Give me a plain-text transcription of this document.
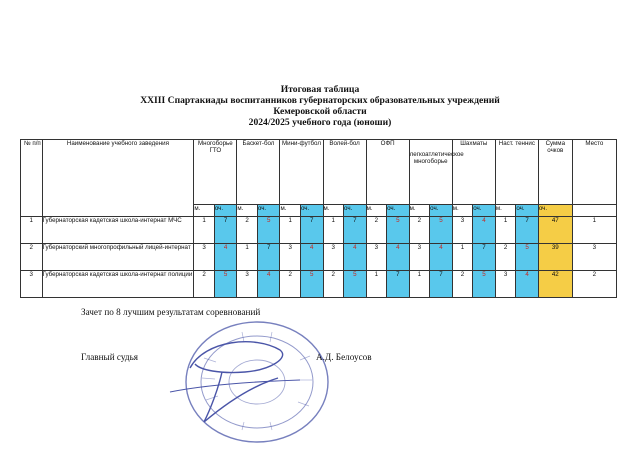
Итоговая таблица
XXIII Спартакиады воспитанников губернаторских образовательных учреждений
Кемеровской области
2024/2025 учебного года (юноши)
№ п/п	Наименование учебного заведения	Многоборье ГТО		Баскет-бол		Мини-футбол		Волей-бол		ОФП		легкоатлетическое многоборье		Шахматы		Наст. теннис		Сумма очков	Место
		м.	оч.	м.	оч.	м.	оч.	м.	оч.	м.	оч.	м.	оч.	м.	оч.	м.	оч.	оч.	
1	Губернаторская кадетская школа-интернат МЧС	1	7	2	5	1	7	1	7	2	5	2	5	3	4	1	7	47	1
2	Губернаторский многопрофильный лицей-интернат	3	4	1	7	3	4	3	4	3	4	3	4	1	7	2	5	39	3
3	Губернаторская кадетская школа-интернат полиции	2	5	3	4	2	5	2	5	1	7	1	7	2	5	3	4	42	2
Зачет по 8 лучшим результатам соревнований
Главный судья	А.Д. Белоусов
